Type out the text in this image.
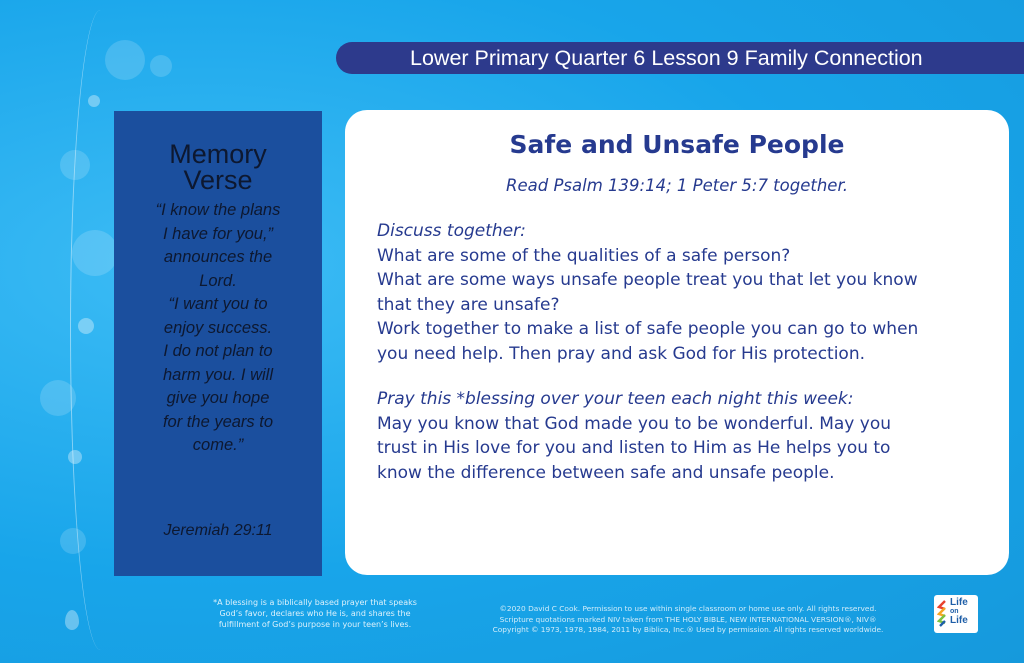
Lower Primary Quarter 6 Lesson 9 Family Connection
Memory
Verse
“I know the plans
I have for you,”
announces the
Lord.
“I want you to
enjoy success.
I do not plan to
harm you. I will
give you hope
for the years to
come.”
Jeremiah 29:11
Safe and Unsafe People
Read Psalm 139:14; 1 Peter 5:7 together.
Discuss together:
What are some of the qualities of a safe person?
What are some ways unsafe people treat you that let you know
that they are unsafe?
Work together to make a list of safe people you can go to when
you need help. Then pray and ask God for His protection.
Pray this *blessing over your teen each night this week:
May you know that God made you to be wonderful. May you
trust in His love for you and listen to Him as He helps you to
know the difference between safe and unsafe people.
*A blessing is a biblically based prayer that speaks
God’s favor, declares who He is, and shares the
fulfillment of God’s purpose in your teen’s lives.
©2020 David C Cook. Permission to use within single classroom or home use only. All rights reserved.
Scripture quotations marked NIV taken from THE HOLY BIBLE, NEW INTERNATIONAL VERSION®, NIV®
Copyright © 1973, 1978, 1984, 2011 by Biblica, Inc.® Used by permission. All rights reserved worldwide.
Life
on
Life
